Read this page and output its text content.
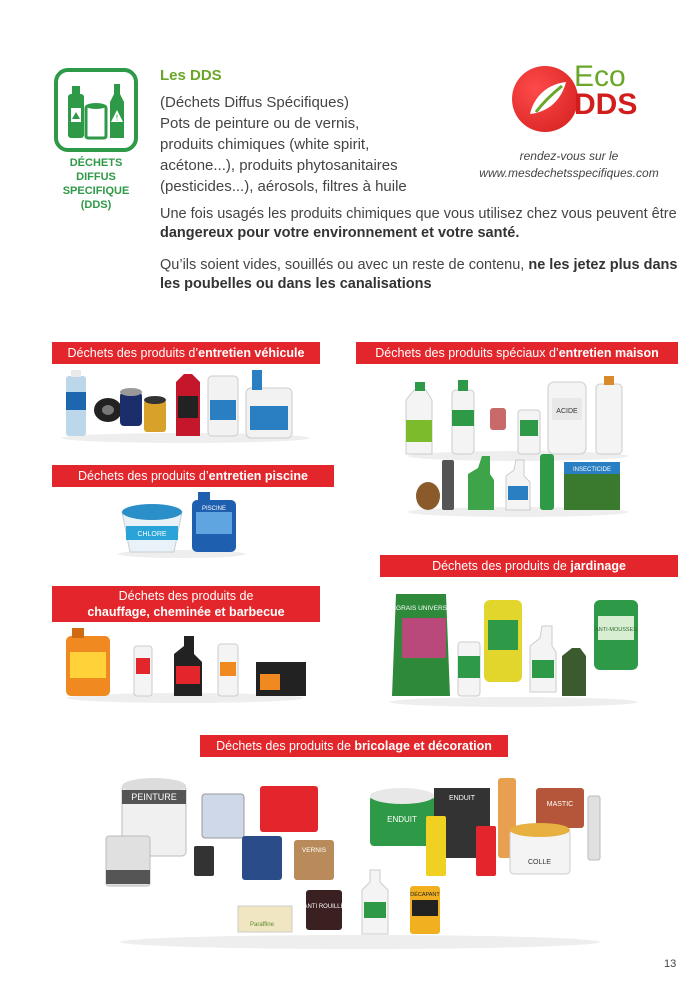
!
DÉCHETS DIFFUS
SPECIFIQUE (DDS)
Les DDS
(Déchets Diffus Spécifiques)
Pots de peinture ou de vernis,
produits chimiques (white spirit,
acétone...), produits phytosanitaires
(pesticides...), aérosols, filtres à huile
Eco
DDS
rendez-vous sur le
www.mesdechetsspecifiques.com
Une fois usagés les produits chimiques que vous utilisez chez vous peuvent être dangereux pour votre environnement et votre santé.
Qu’ils soient vides, souillés ou avec un reste de contenu, ne les jetez plus dans les poubelles ou dans les canalisations
Déchets des produits d’entretien véhicule	Déchets des produits spéciaux d’entretien maison
Déchets des produits d’entretien piscine
Déchets des produits de jardinage
Déchets des produits de
chauffage, cheminée et barbecue
Déchets des produits de bricolage et décoration
ACIDE
INSECTICIDE
CHLORE
PISCINE
ENGRAIS UNIVERSEL
ANTI-MOUSSES
PEINTURE
VERNIS
Paraffine
ANTI ROUILLE
DÉCAPANT
ENDUIT
ENDUIT
MASTIC
COLLE
13
